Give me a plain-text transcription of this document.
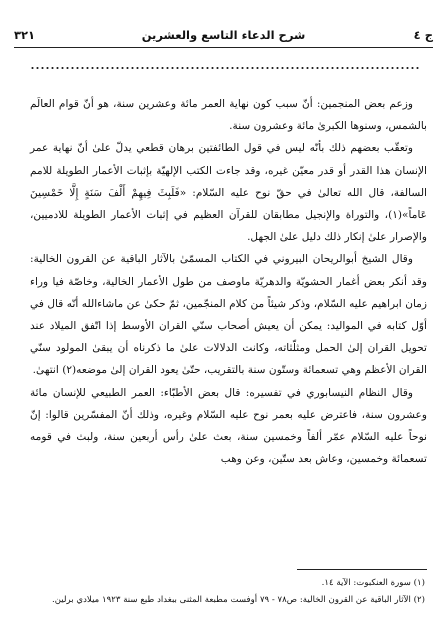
ج ٤
شرح الدعاء التاسع والعشرين
٣٢١

وزعم بعض المنجمين: أنّ سبب كون نهاية العمر مائة وعشرين سنة، هو أنّ قوام العالَم بالشمس، وسنوها الكبرىٰ مائة وعشرون سنة.

وتعقّب بعضهم ذلك بأنّه ليس في قول الطائفتين برهان قطعي يدلّ علىٰ أنّ نهاية عمر الإنسان هذا القدر أو قدر معيّن غيره، وقد جاءت الكتب الإلهيّة بإثبات الأعمار الطويلة للامم السالفة، قال الله تعالىٰ في حقّ نوح عليه السّلام: «فَلَبِثَ فِيهِمْ أَلْفَ سَنَةٍ إِلَّا خَمْسِينَ عَاماً»(١)، والتوراة والإنجيل مطابقان للقرآن العظيم في إثبات الأعمار الطويلة للادميين، والإصرار علىٰ إنكار ذلك دليل علىٰ الجهل.

وقال الشيخ أبوالريحان البيروني في الكتاب المسمّىٰ بالآثار الباقية عن القرون الخالية: وقد أنكر بعض أغمار الحشويّة والدهريّة ماوصف من طول الأعمار الخالية، وخاصّة فيا وراء زمان ابراهيم عليه السّلام، وذكر شيئاً من كلام المنجّمين، ثمّ حكىٰ عن ماشاءالله أنّه قال في أوّل كتابه في المواليد: يمكن أن يعيش أصحاب سنّي القران الأوسط إذا اتّفق الميلاد عند تحويل القران إلىٰ الحمل ومثلّثاته، وكانت الدلالات علىٰ ما ذكرناه أن يبقىٰ المولود سنّي القران الأعظم وهي تسعمائة وستّون سنة بالتقريب، حتّىٰ يعود القران إلىٰ موضعه(٢) انتهىٰ.

وقال النظام النيسابوري في تفسيره: قال بعض الأطبّاء: العمر الطبيعي للإنسان مائة وعشرون سنة، فاعترض عليه بعمر نوح عليه السّلام وغيره، وذلك أنّ المفسّرين قالوا: إنّ نوحاً عليه السّلام عمّر ألفاً وخمسين سنة، بعث علىٰ رأس أربعين سنة، ولبث في قومه تسعمائة وخمسين، وعاش بعد ستّين، وعن وهب

(١) سورة العنكبوت: الآية ١٤.

(٢) الآثار الباقية عن القرون الخالية: ص٧٨ - ٧٩ أوفست مطبعة المثنى ببغداد طبع سنة ١٩٢٣ ميلادي برلين.
